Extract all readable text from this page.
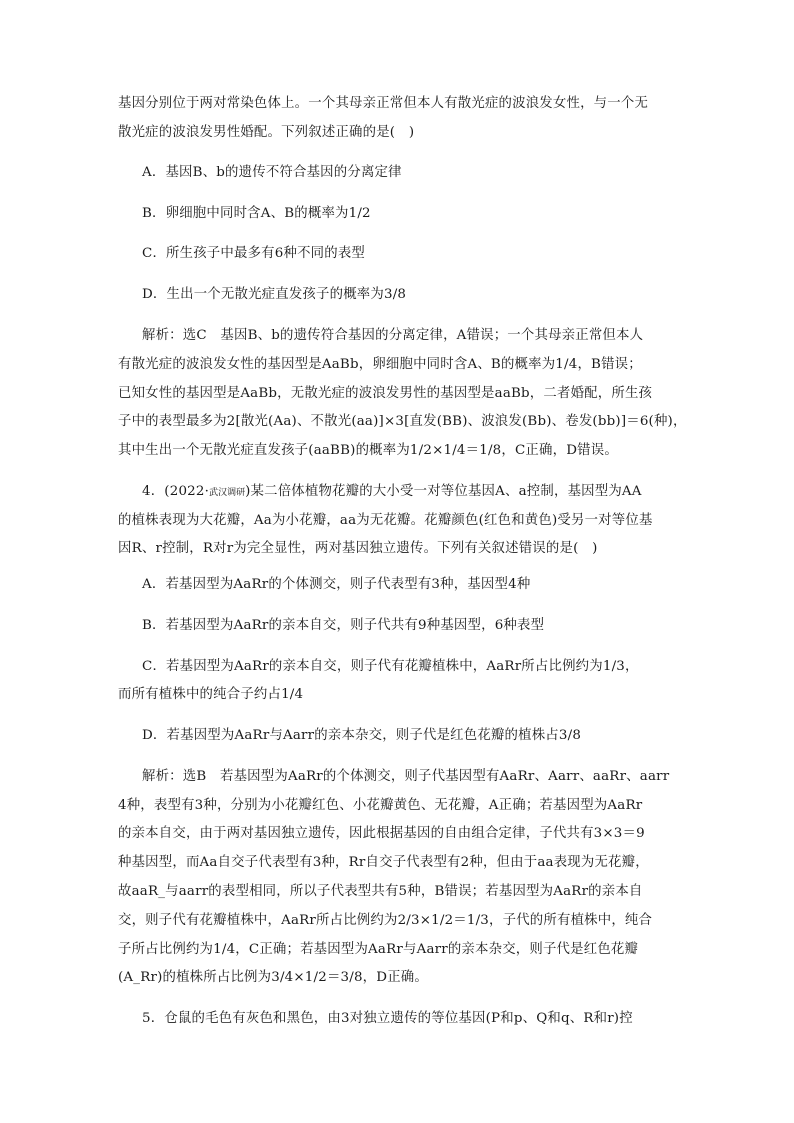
基因分别位于两对常染色体上。一个其母亲正常但本人有散光症的波浪发女性，与一个无
散光症的波浪发男性婚配。下列叙述正确的是(　)
A．基因B、b的遗传不符合基因的分离定律
B．卵细胞中同时含A、B的概率为1/2
C．所生孩子中最多有6种不同的表型
D．生出一个无散光症直发孩子的概率为3/8
解析：选C　基因B、b的遗传符合基因的分离定律，A错误；一个其母亲正常但本人
有散光症的波浪发女性的基因型是AaBb，卵细胞中同时含A、B的概率为1/4，B错误；
已知女性的基因型是AaBb，无散光症的波浪发男性的基因型是aaBb，二者婚配，所生孩
子中的表型最多为2[散光(Aa)、不散光(aa)]×3[直发(BB)、波浪发(Bb)、卷发(bb)]＝6(种)，
其中生出一个无散光症直发孩子(aaBB)的概率为1/2×1/4＝1/8，C正确，D错误。
4．(2022·武汉调研)某二倍体植物花瓣的大小受一对等位基因A、a控制，基因型为AA
的植株表现为大花瓣，Aa为小花瓣，aa为无花瓣。花瓣颜色(红色和黄色)受另一对等位基
因R、r控制，R对r为完全显性，两对基因独立遗传。下列有关叙述错误的是(　)
A．若基因型为AaRr的个体测交，则子代表型有3种，基因型4种
B．若基因型为AaRr的亲本自交，则子代共有9种基因型，6种表型
C．若基因型为AaRr的亲本自交，则子代有花瓣植株中，AaRr所占比例约为1/3，
而所有植株中的纯合子约占1/4
D．若基因型为AaRr与Aarr的亲本杂交，则子代是红色花瓣的植株占3/8
解析：选B　若基因型为AaRr的个体测交，则子代基因型有AaRr、Aarr、aaRr、aarr
4种，表型有3种，分别为小花瓣红色、小花瓣黄色、无花瓣，A正确；若基因型为AaRr
的亲本自交，由于两对基因独立遗传，因此根据基因的自由组合定律，子代共有3×3＝9
种基因型，而Aa自交子代表型有3种，Rr自交子代表型有2种，但由于aa表现为无花瓣，
故aaR_与aarr的表型相同，所以子代表型共有5种，B错误；若基因型为AaRr的亲本自
交，则子代有花瓣植株中，AaRr所占比例约为2/3×1/2＝1/3，子代的所有植株中，纯合
子所占比例约为1/4，C正确；若基因型为AaRr与Aarr的亲本杂交，则子代是红色花瓣
(A_Rr)的植株所占比例为3/4×1/2＝3/8，D正确。
5．仓鼠的毛色有灰色和黑色，由3对独立遗传的等位基因(P和p、Q和q、R和r)控
